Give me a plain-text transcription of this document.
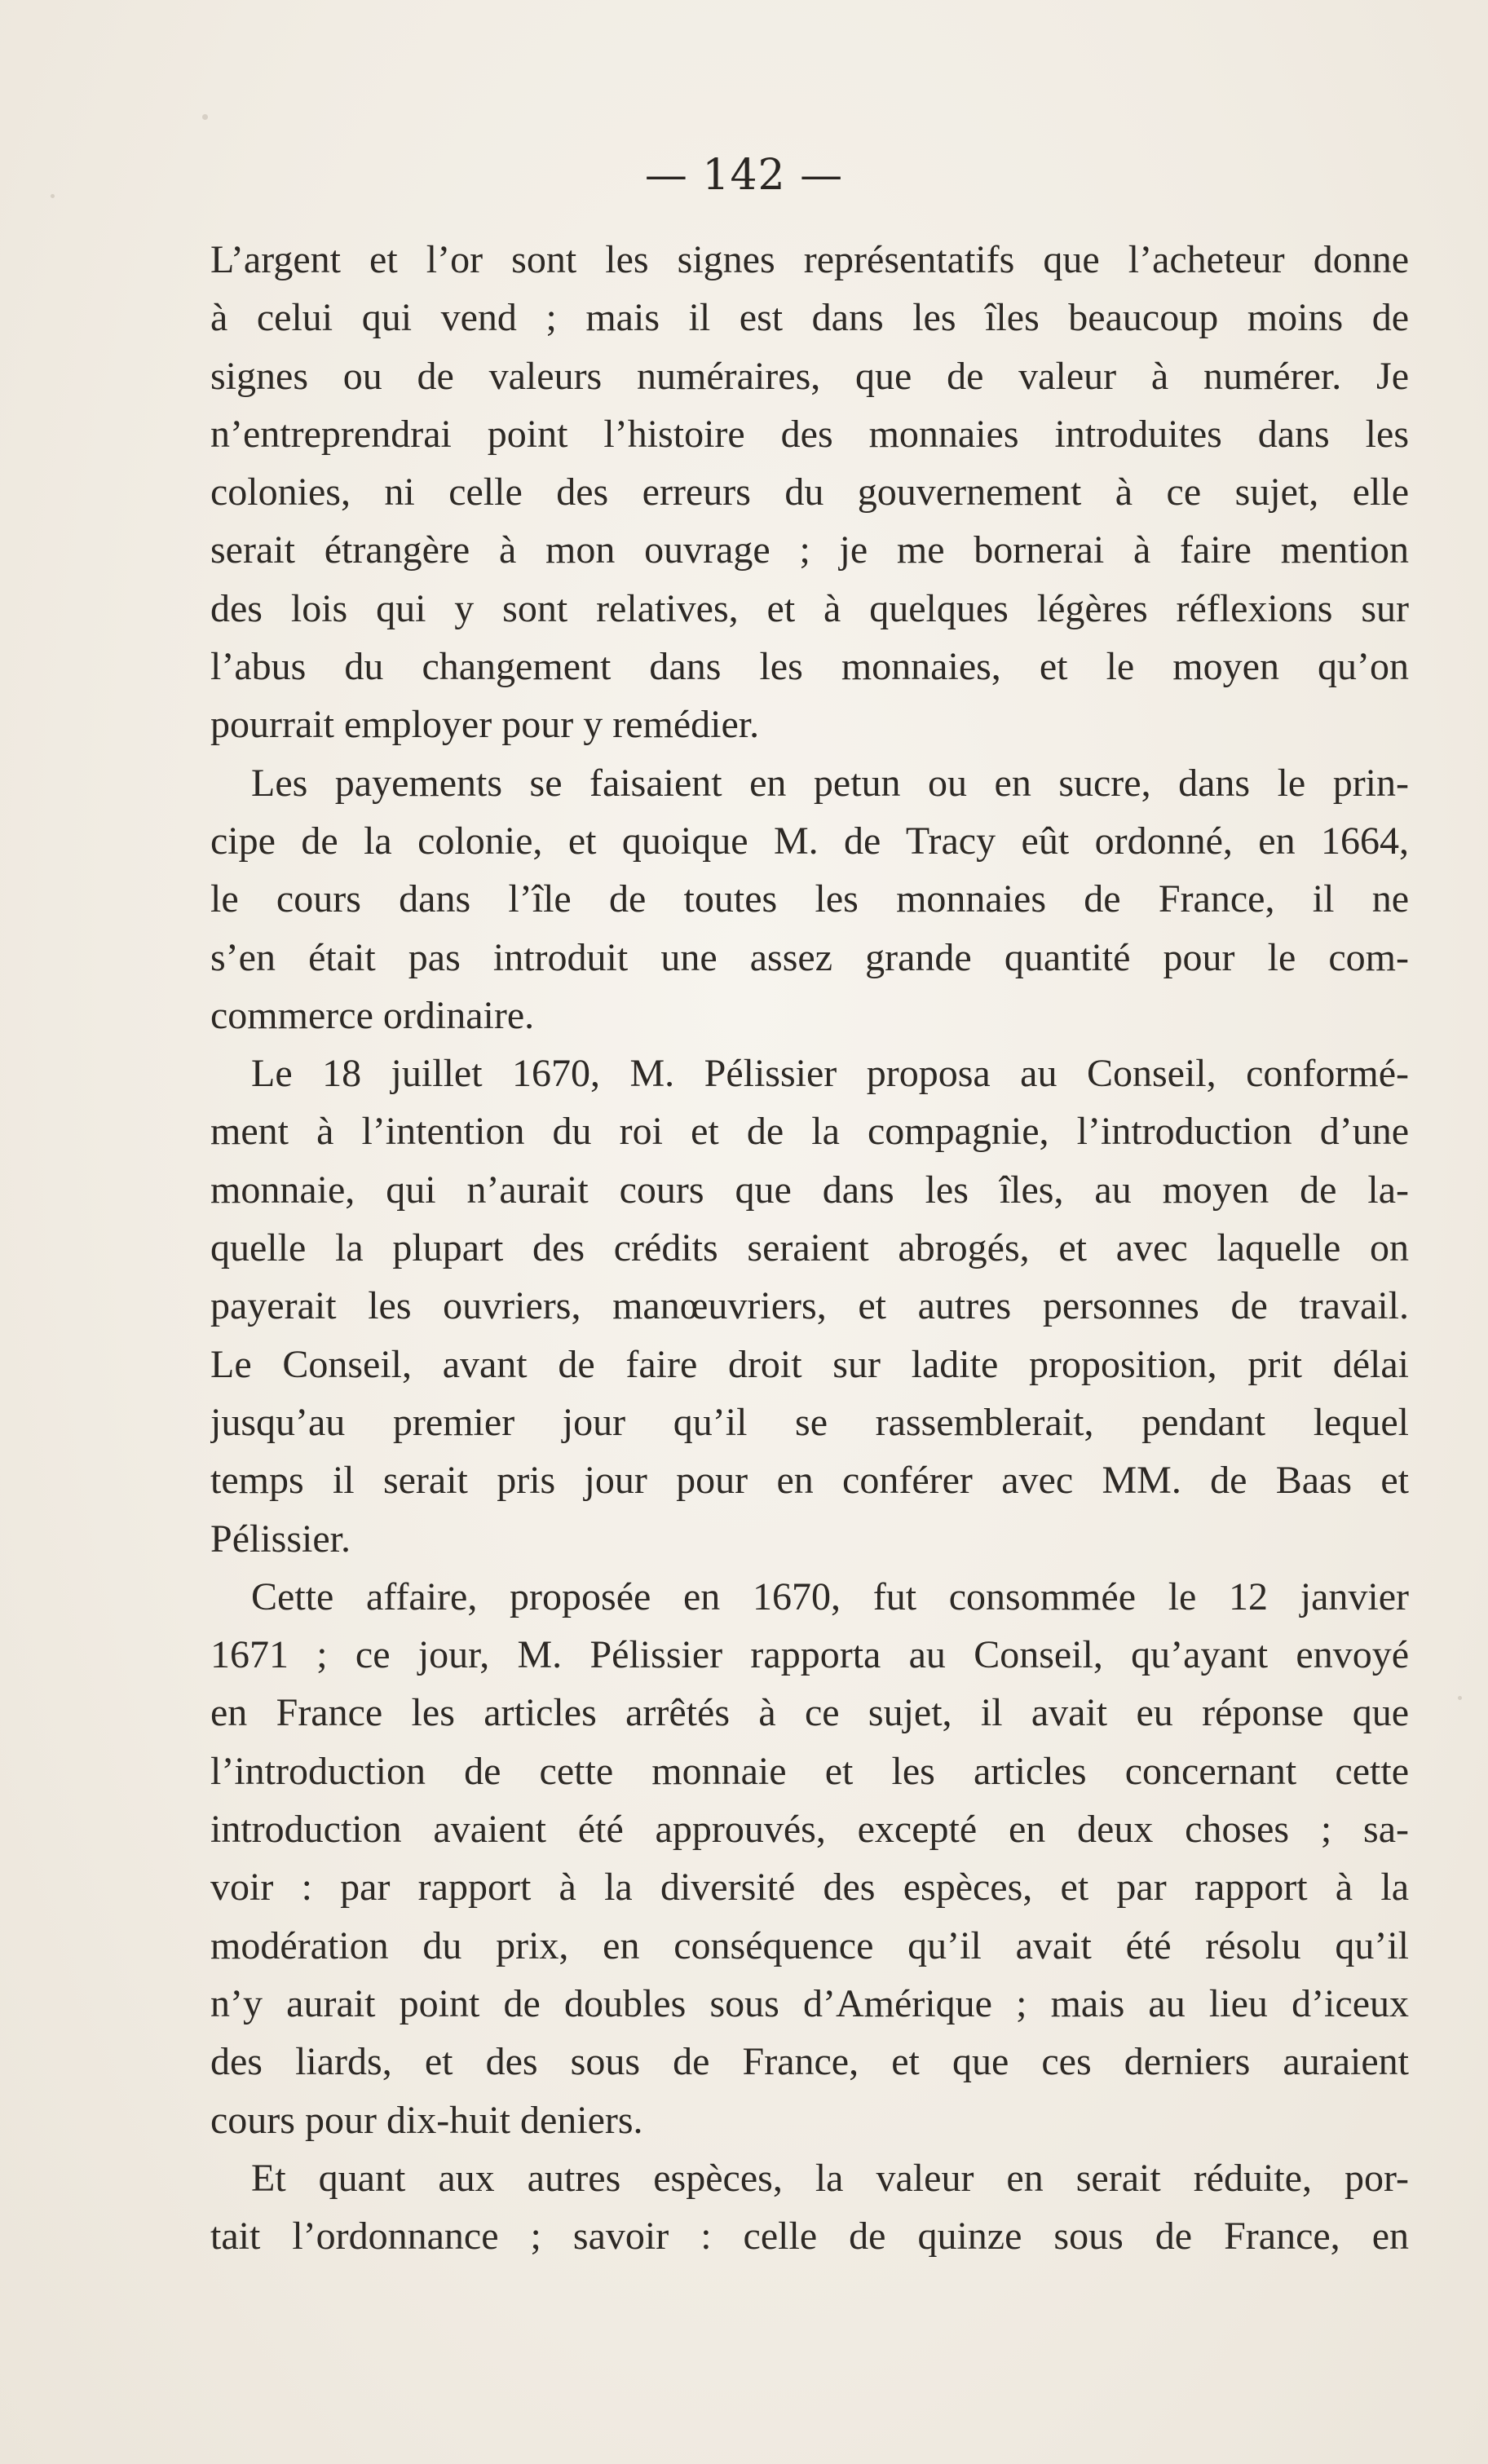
— 142 —
L’argent et l’or sont les signes représentatifs que l’acheteur donne
à celui qui vend ; mais il est dans les îles beaucoup moins de
signes ou de valeurs numéraires, que de valeur à numérer. Je
n’entreprendrai point l’histoire des monnaies introduites dans les
colonies, ni celle des erreurs du gouvernement à ce sujet, elle
serait étrangère à mon ouvrage ; je me bornerai à faire mention
des lois qui y sont relatives, et à quelques légères réflexions sur
l’abus du changement dans les monnaies, et le moyen qu’on
pourrait employer pour y remédier.
Les payements se faisaient en petun ou en sucre, dans le prin-
cipe de la colonie, et quoique M. de Tracy eût ordonné, en 1664,
le cours dans l’île de toutes les monnaies de France, il ne
s’en était pas introduit une assez grande quantité pour le com-
commerce ordinaire.
Le 18 juillet 1670, M. Pélissier proposa au Conseil, conformé-
ment à l’intention du roi et de la compagnie, l’introduction d’une
monnaie, qui n’aurait cours que dans les îles, au moyen de la-
quelle la plupart des crédits seraient abrogés, et avec laquelle on
payerait les ouvriers, manœuvriers, et autres personnes de travail.
Le Conseil, avant de faire droit sur ladite proposition, prit délai
jusqu’au premier jour qu’il se rassemblerait, pendant lequel
temps il serait pris jour pour en conférer avec MM. de Baas et
Pélissier.
Cette affaire, proposée en 1670, fut consommée le 12 janvier
1671 ; ce jour, M. Pélissier rapporta au Conseil, qu’ayant envoyé
en France les articles arrêtés à ce sujet, il avait eu réponse que
l’introduction de cette monnaie et les articles concernant cette
introduction avaient été approuvés, excepté en deux choses ; sa-
voir : par rapport à la diversité des espèces, et par rapport à la
modération du prix, en conséquence qu’il avait été résolu qu’il
n’y aurait point de doubles sous d’Amérique ; mais au lieu d’iceux
des liards, et des sous de France, et que ces derniers auraient
cours pour dix-huit deniers.
Et quant aux autres espèces, la valeur en serait réduite, por-
tait l’ordonnance ; savoir : celle de quinze sous de France, en
